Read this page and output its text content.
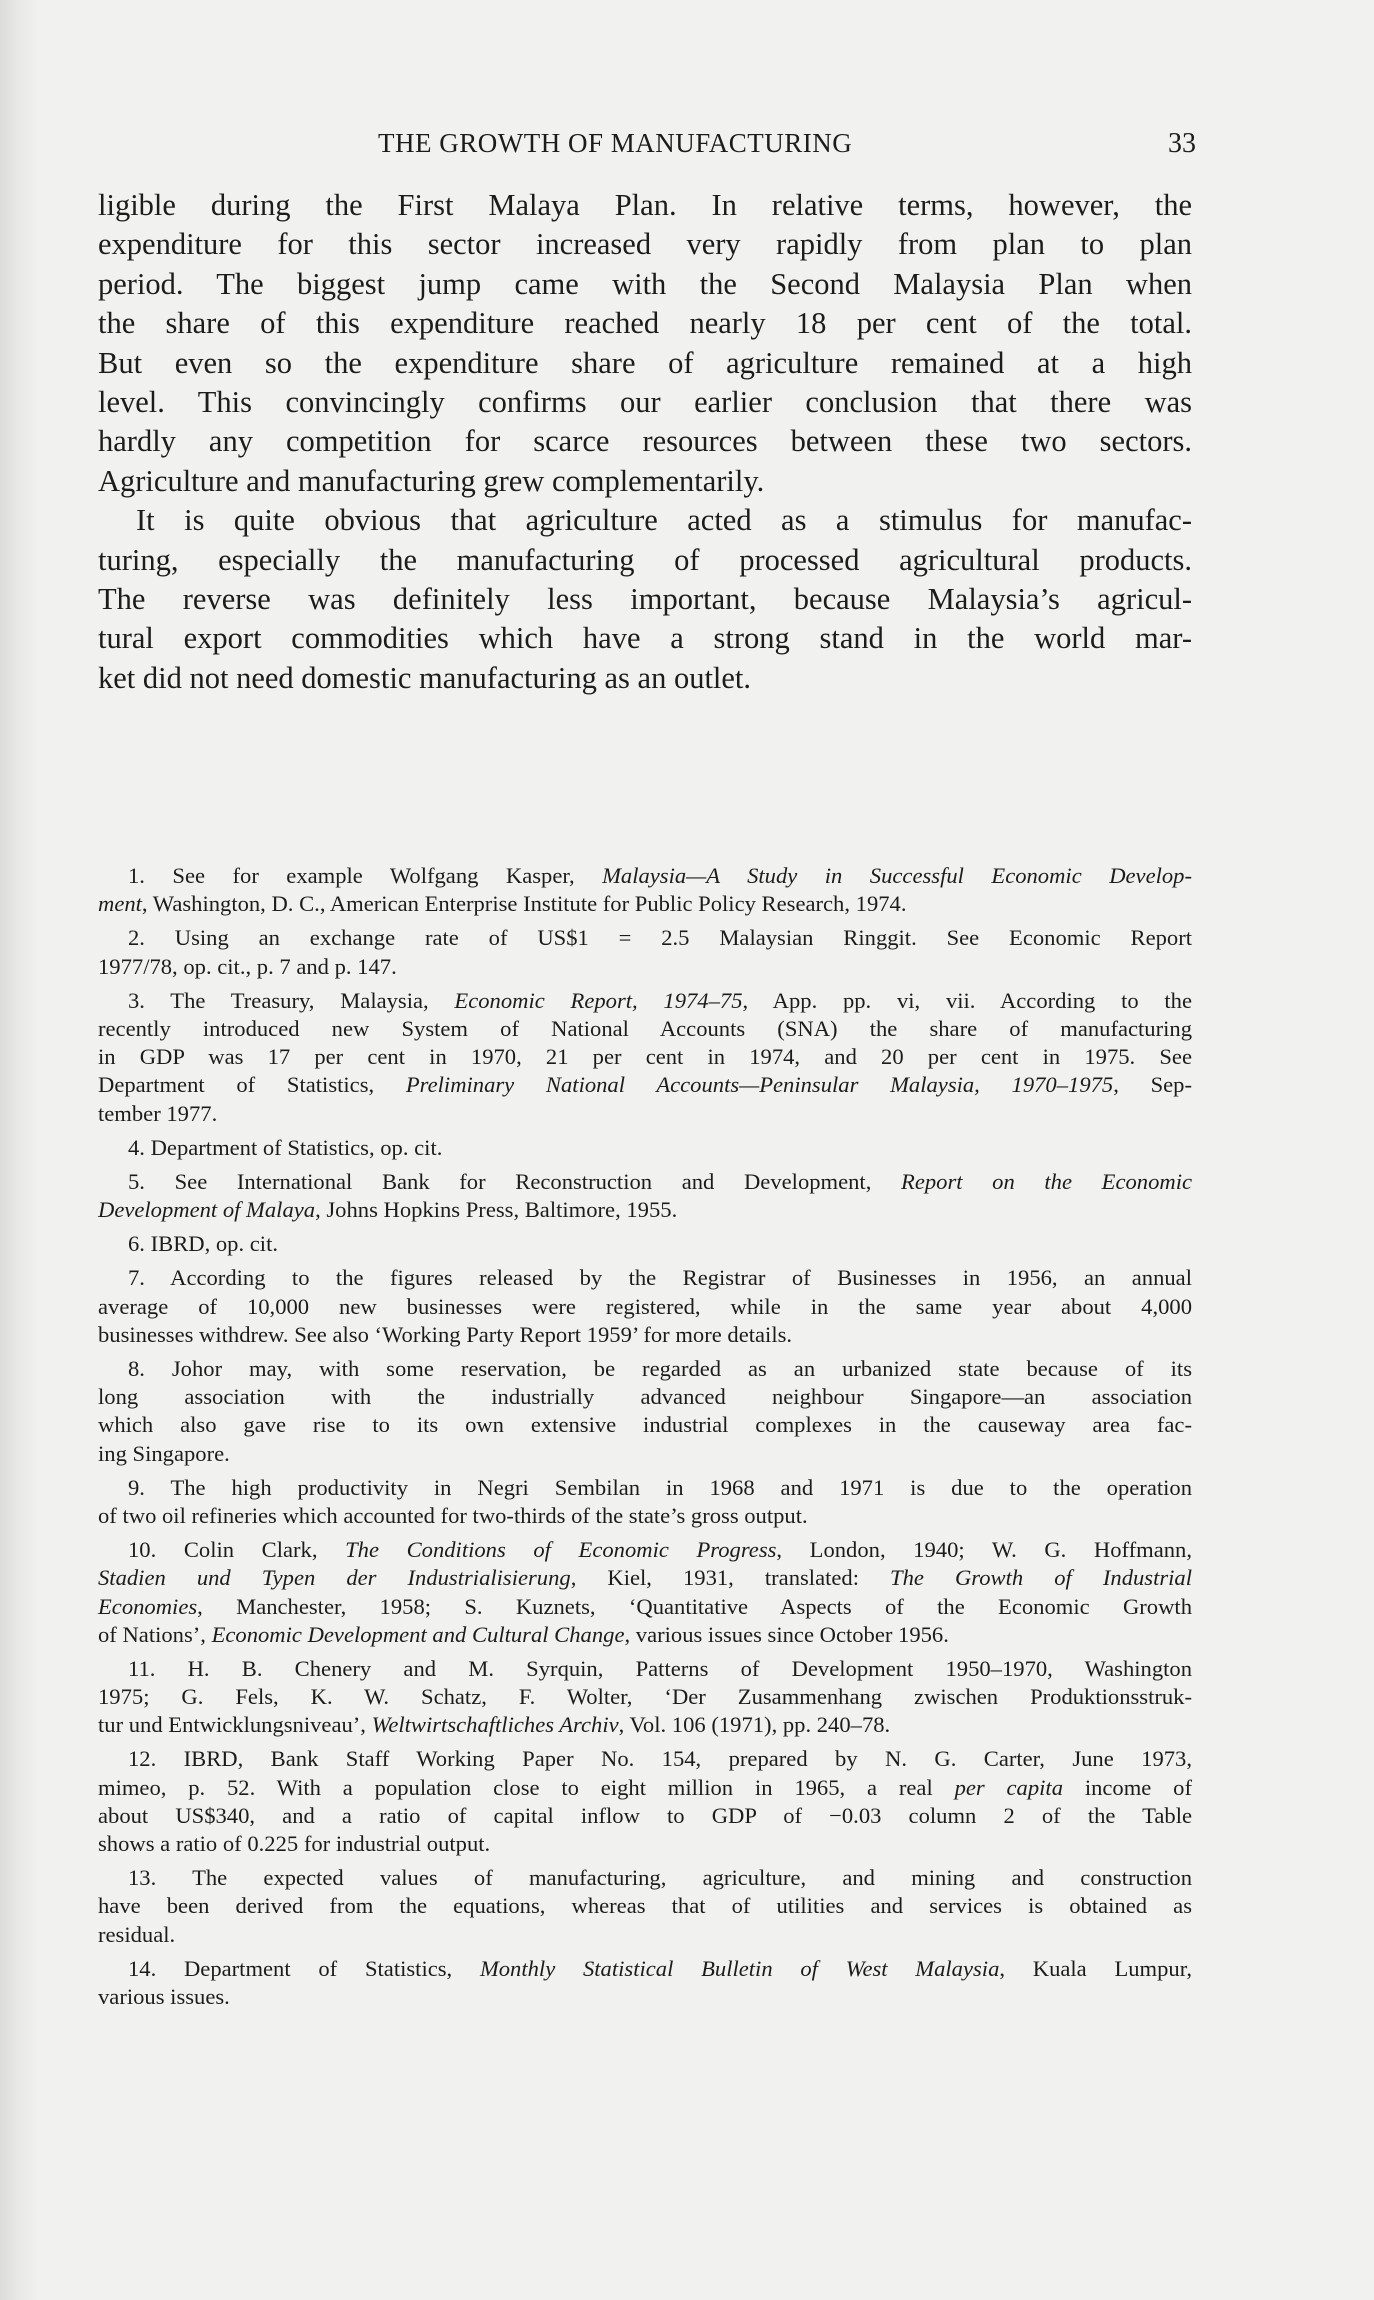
THE GROWTH OF MANUFACTURING	33
ligible during the First Malaya Plan. In relative terms, however, the
expenditure for this sector increased very rapidly from plan to plan
period. The biggest jump came with the Second Malaysia Plan when
the share of this expenditure reached nearly 18 per cent of the total.
But even so the expenditure share of agriculture remained at a high
level. This convincingly confirms our earlier conclusion that there was
hardly any competition for scarce resources between these two sectors.
Agriculture and manufacturing grew complementarily.
It is quite obvious that agriculture acted as a stimulus for manufac-
turing, especially the manufacturing of processed agricultural products.
The reverse was definitely less important, because Malaysia’s agricul-
tural export commodities which have a strong stand in the world mar-
ket did not need domestic manufacturing as an outlet.
1. See for example Wolfgang Kasper, Malaysia—A Study in Successful Economic Develop-
ment, Washington, D. C., American Enterprise Institute for Public Policy Research, 1974.
2. Using an exchange rate of US$1 = 2.5 Malaysian Ringgit. See Economic Report
1977/78, op. cit., p. 7 and p. 147.
3. The Treasury, Malaysia, Economic Report, 1974–75, App. pp. vi, vii. According to the
recently introduced new System of National Accounts (SNA) the share of manufacturing
in GDP was 17 per cent in 1970, 21 per cent in 1974, and 20 per cent in 1975. See
Department of Statistics, Preliminary National Accounts—Peninsular Malaysia, 1970–1975, Sep-
tember 1977.
4. Department of Statistics, op. cit.
5. See International Bank for Reconstruction and Development, Report on the Economic
Development of Malaya, Johns Hopkins Press, Baltimore, 1955.
6. IBRD, op. cit.
7. According to the figures released by the Registrar of Businesses in 1956, an annual
average of 10,000 new businesses were registered, while in the same year about 4,000
businesses withdrew. See also ‘Working Party Report 1959’ for more details.
8. Johor may, with some reservation, be regarded as an urbanized state because of its
long association with the industrially advanced neighbour Singapore—an association
which also gave rise to its own extensive industrial complexes in the causeway area fac-
ing Singapore.
9. The high productivity in Negri Sembilan in 1968 and 1971 is due to the operation
of two oil refineries which accounted for two-thirds of the state’s gross output.
10. Colin Clark, The Conditions of Economic Progress, London, 1940; W. G. Hoffmann,
Stadien und Typen der Industrialisierung, Kiel, 1931, translated: The Growth of Industrial
Economies, Manchester, 1958; S. Kuznets, ‘Quantitative Aspects of the Economic Growth
of Nations’, Economic Development and Cultural Change, various issues since October 1956.
11. H. B. Chenery and M. Syrquin, Patterns of Development 1950–1970, Washington
1975; G. Fels, K. W. Schatz, F. Wolter, ‘Der Zusammenhang zwischen Produktionsstruk-
tur und Entwicklungsniveau’, Weltwirtschaftliches Archiv, Vol. 106 (1971), pp. 240–78.
12. IBRD, Bank Staff Working Paper No. 154, prepared by N. G. Carter, June 1973,
mimeo, p. 52. With a population close to eight million in 1965, a real per capita income of
about US$340, and a ratio of capital inflow to GDP of −0.03 column 2 of the Table
shows a ratio of 0.225 for industrial output.
13. The expected values of manufacturing, agriculture, and mining and construction
have been derived from the equations, whereas that of utilities and services is obtained as
residual.
14. Department of Statistics, Monthly Statistical Bulletin of West Malaysia, Kuala Lumpur,
various issues.
